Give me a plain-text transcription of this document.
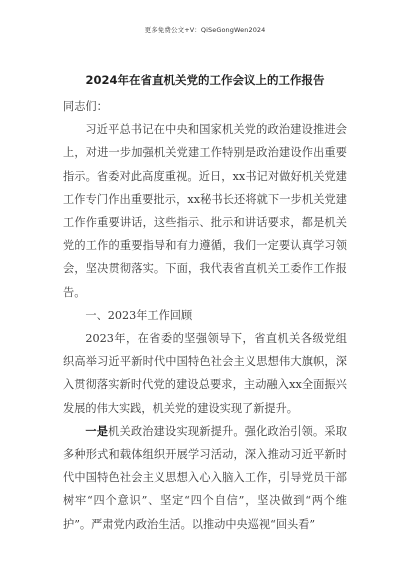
更多免费公文+V：QiSeGongWen2024
2024年在省直机关党的工作会议上的工作报告

同志们：

习近平总书记在中央和国家机关党的政治建设推进会上，对进一步加强机关党建工作特别是政治建设作出重要指示。省委对此高度重视。近日，xx书记对做好机关党建工作专门作出重要批示，xx秘书长还将就下一步机关党建工作作重要讲话，这些指示、批示和讲话要求，都是机关党的工作的重要指导和有力遵循，我们一定要认真学习领会，坚决贯彻落实。下面，我代表省直机关工委作工作报告。

一、2023年工作回顾

2023年，在省委的坚强领导下，省直机关各级党组织高举习近平新时代中国特色社会主义思想伟大旗帜，深入贯彻落实新时代党的建设总要求，主动融入xx全面振兴发展的伟大实践，机关党的建设实现了新提升。

一是机关政治建设实现新提升。强化政治引领。采取多种形式和载体组织开展学习活动，深入推动习近平新时代中国特色社会主义思想入心入脑入工作，引导党员干部树牢“四个意识”、坚定“四个自信”，坚决做到“两个维护”。严肃党内政治生活。以推动中央巡视“回头看”
